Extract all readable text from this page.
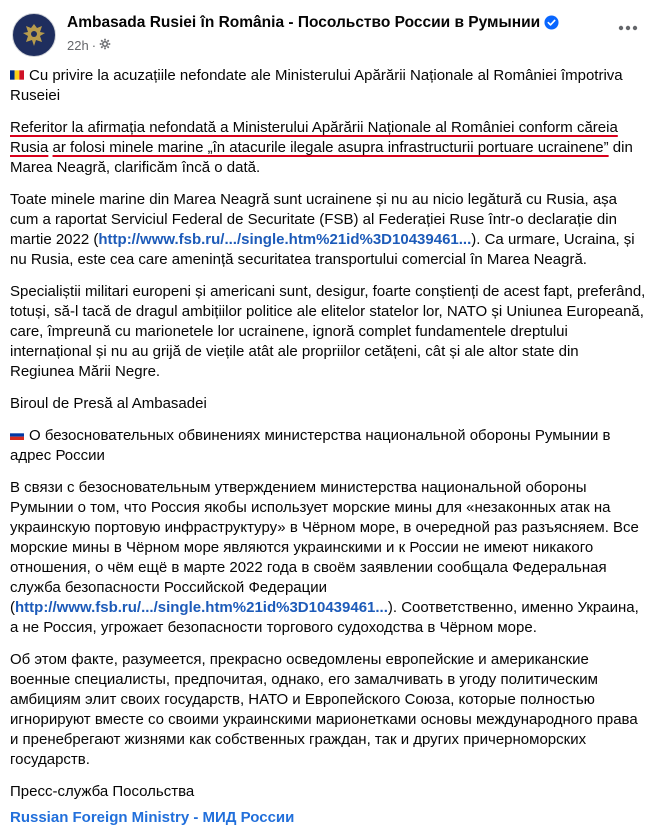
Ambasada Rusiei în România - Посольство России в Румынии
22h ·

Cu privire la acuzațiile nefondate ale Ministerului Apărării Naționale al României împotriva Ruseiei

Referitor la afirmația nefondată a Ministerului Apărării Naționale al României conform căreia Rusia ar folosi minele marine „în atacurile ilegale asupra infrastructurii portuare ucrainene” din Marea Neagră, clarificăm încă o dată.

Toate minele marine din Marea Neagră sunt ucrainene și nu au nicio legătură cu Rusia, așa cum a raportat Serviciul Federal de Securitate (FSB) al Federației Ruse într-o declarație din martie 2022 (http://www.fsb.ru/.../single.htm%21id%3D10439461...). Ca urmare, Ucraina, și nu Rusia, este cea care amenință securitatea transportului comercial în Marea Neagră.

Specialiștii militari europeni și americani sunt, desigur, foarte conștienți de acest fapt, preferând, totuși, să-l tacă de dragul ambițiilor politice ale elitelor statelor lor, NATO și Uniunea Europeană, care, împreună cu marionetele lor ucrainene, ignoră complet fundamentele dreptului internațional și nu au grijă de viețile atât ale propriilor cetățeni, cât și ale altor state din Regiunea Mării Negre.

Biroul de Presă al Ambasadei

О безосновательных обвинениях министерства национальной обороны Румынии в адрес России

В связи с безосновательным утверждением министерства национальной обороны Румынии о том, что Россия якобы использует морские мины для «незаконных атак на украинскую портовую инфраструктуру» в Чёрном море, в очередной раз разъясняем. Все морские мины в Чёрном море являются украинскими и к России не имеют никакого отношения, о чём ещё в марте 2022 года в своём заявлении сообщала Федеральная служба безопасности Российской Федерации (http://www.fsb.ru/.../single.htm%21id%3D10439461...). Соответственно, именно Украина, а не Россия, угрожает безопасности торгового судоходства в Чёрном море.

Об этом факте, разумеется, прекрасно осведомлены европейские и американские военные специалисты, предпочитая, однако, его замалчивать в угоду политическим амбициям элит своих государств, НАТО и Европейского Союза, которые полностью игнорируют вместе со своими украинскими марионетками основы международного права и пренебрегают жизнями как собственных граждан, так и других причерноморских государств.

Пресс-служба Посольства

Russian Foreign Ministry - МИД России
